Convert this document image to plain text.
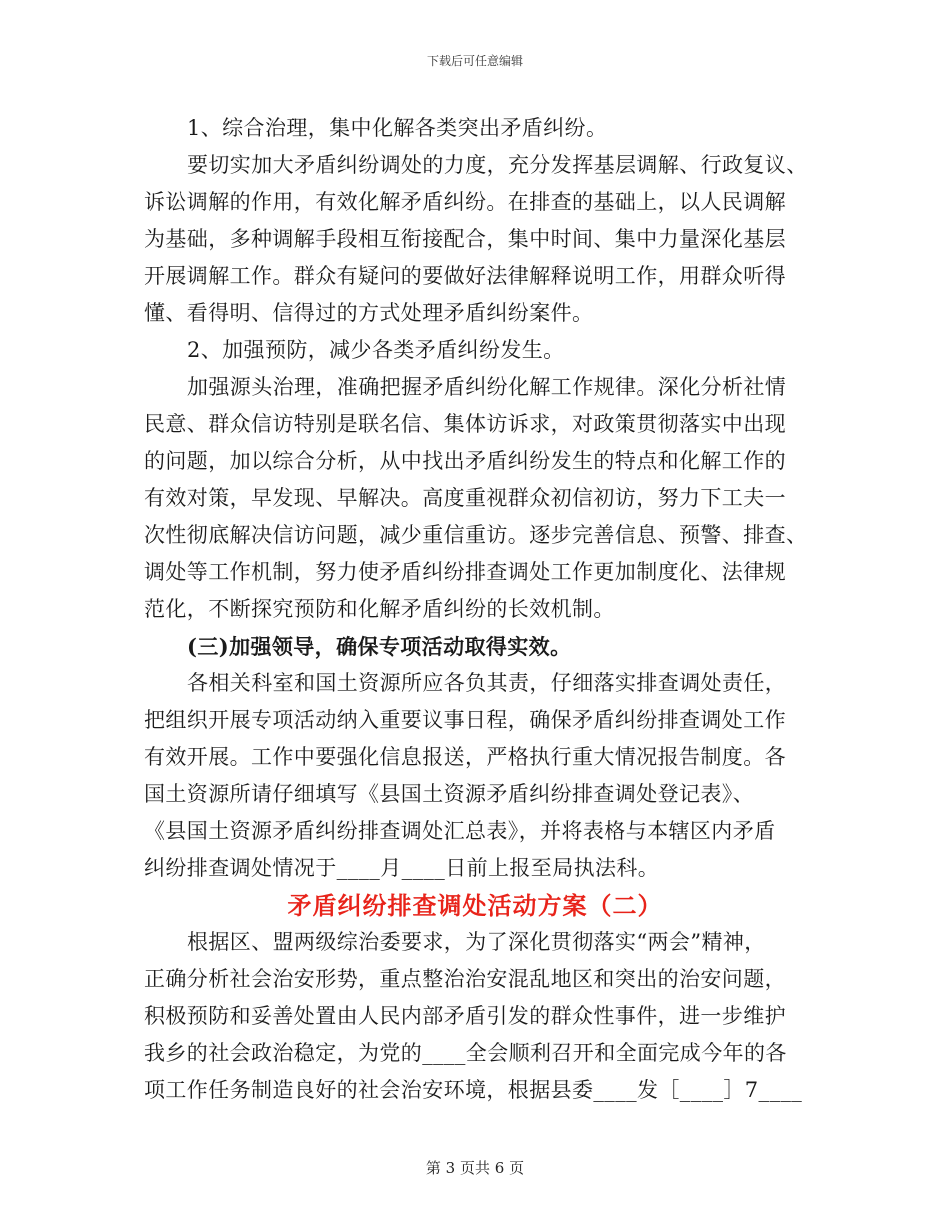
下载后可任意编辑
1、综合治理，集中化解各类突出矛盾纠纷。
要切实加大矛盾纠纷调处的力度，充分发挥基层调解、行政复议、
诉讼调解的作用，有效化解矛盾纠纷。在排查的基础上，以人民调解
为基础，多种调解手段相互衔接配合，集中时间、集中力量深化基层
开展调解工作。群众有疑问的要做好法律解释说明工作，用群众听得
懂、看得明、信得过的方式处理矛盾纠纷案件。
2、加强预防，减少各类矛盾纠纷发生。
加强源头治理，准确把握矛盾纠纷化解工作规律。深化分析社情
民意、群众信访特别是联名信、集体访诉求，对政策贯彻落实中出现
的问题，加以综合分析，从中找出矛盾纠纷发生的特点和化解工作的
有效对策，早发现、早解决。高度重视群众初信初访，努力下工夫一
次性彻底解决信访问题，减少重信重访。逐步完善信息、预警、排查、
调处等工作机制，努力使矛盾纠纷排查调处工作更加制度化、法律规
范化，不断探究预防和化解矛盾纠纷的长效机制。
(三)加强领导，确保专项活动取得实效。
各相关科室和国土资源所应各负其责，仔细落实排查调处责任，
把组织开展专项活动纳入重要议事日程，确保矛盾纠纷排查调处工作
有效开展。工作中要强化信息报送，严格执行重大情况报告制度。各
国土资源所请仔细填写《县国土资源矛盾纠纷排查调处登记表》、
《县国土资源矛盾纠纷排查调处汇总表》，并将表格与本辖区内矛盾
纠纷排查调处情况于____月____日前上报至局执法科。
矛盾纠纷排查调处活动方案（二）
根据区、盟两级综治委要求，为了深化贯彻落实“两会”精神，
正确分析社会治安形势，重点整治治安混乱地区和突出的治安问题，
积极预防和妥善处置由人民内部矛盾引发的群众性事件，进一步维护
我乡的社会政治稳定，为党的____全会顺利召开和全面完成今年的各
项工作任务制造良好的社会治安环境，根据县委____发［____］7____
第 3 页共 6 页
